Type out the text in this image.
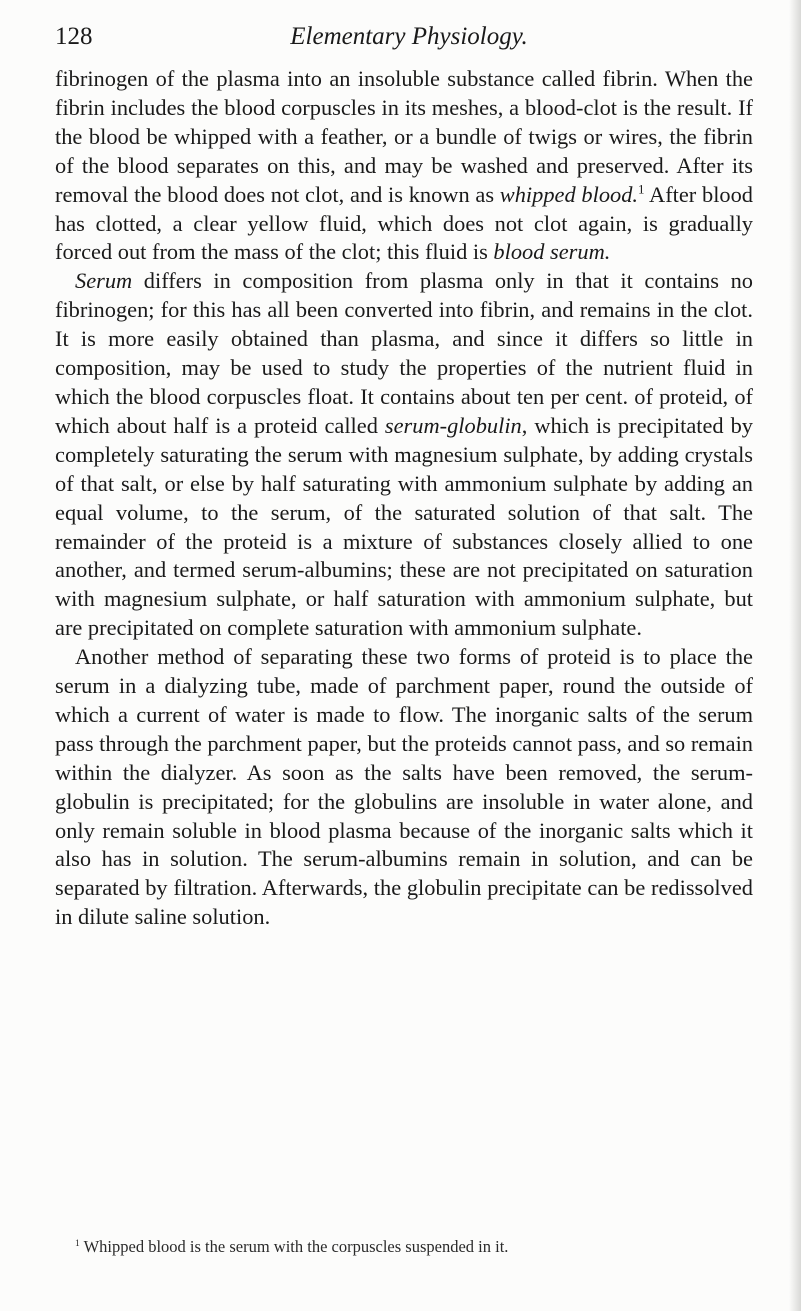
128	Elementary Physiology.

fibrinogen of the plasma into an insoluble substance called fibrin. When the fibrin includes the blood corpuscles in its meshes, a blood-clot is the result. If the blood be whipped with a feather, or a bundle of twigs or wires, the fibrin of the blood separates on this, and may be washed and preserved. After its removal the blood does not clot, and is known as whipped blood.$^1$ After blood has clotted, a clear yellow fluid, which does not clot again, is gradually forced out from the mass of the clot; this fluid is blood serum.

Serum differs in composition from plasma only in that it contains no fibrinogen; for this has all been converted into fibrin, and remains in the clot. It is more easily obtained than plasma, and since it differs so little in composition, may be used to study the properties of the nutrient fluid in which the blood corpuscles float. It contains about ten per cent. of proteid, of which about half is a proteid called serum-globulin, which is precipitated by completely saturating the serum with magnesium sulphate, by adding crystals of that salt, or else by half saturating with ammonium sulphate by adding an equal volume, to the serum, of the saturated solution of that salt. The remainder of the proteid is a mixture of substances closely allied to one another, and termed serum-albumins; these are not precipitated on saturation with magnesium sulphate, or half saturation with ammonium sulphate, but are precipitated on complete saturation with ammonium sulphate.

Another method of separating these two forms of proteid is to place the serum in a dialyzing tube, made of parchment paper, round the outside of which a current of water is made to flow. The inorganic salts of the serum pass through the parchment paper, but the proteids cannot pass, and so remain within the dialyzer. As soon as the salts have been removed, the serum-globulin is precipitated; for the globulins are insoluble in water alone, and only remain soluble in blood plasma because of the inorganic salts which it also has in solution. The serum-albumins remain in solution, and can be separated by filtration. Afterwards, the globulin precipitate can be redissolved in dilute saline solution.

$^1$ Whipped blood is the serum with the corpuscles suspended in it.
